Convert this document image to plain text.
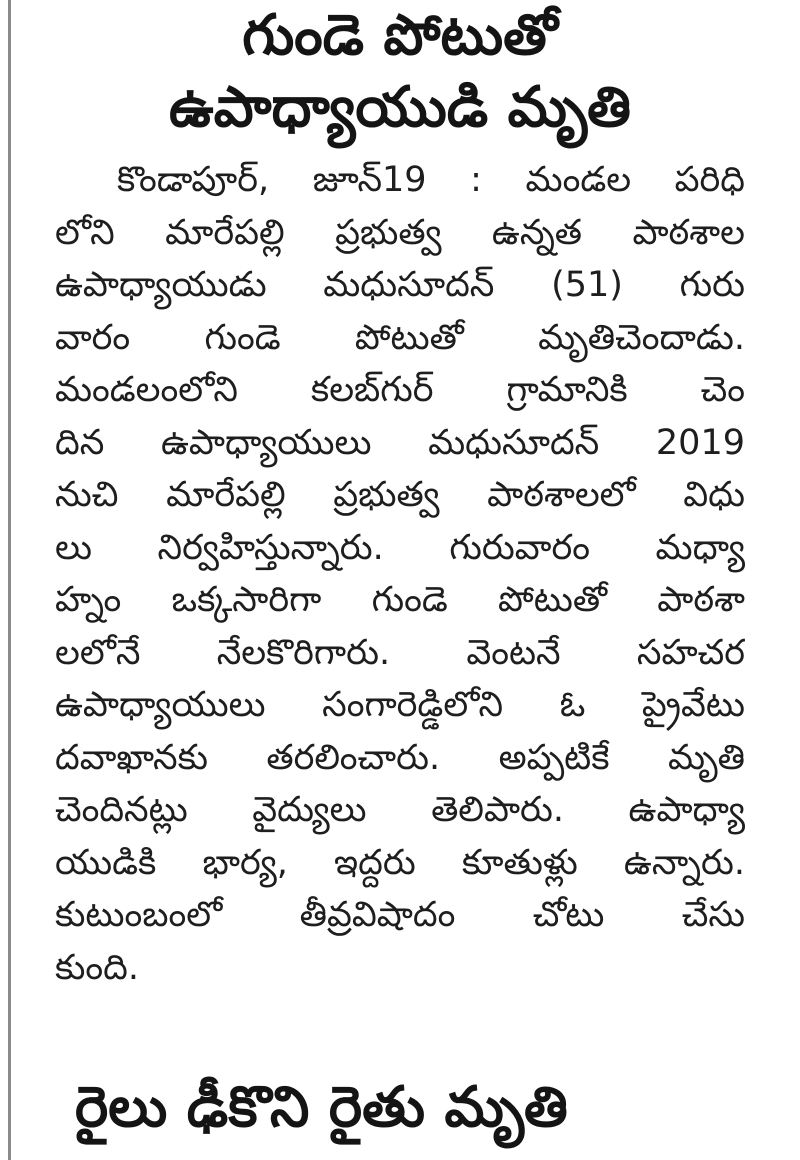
గుండె పోటుతో
ఉపాధ్యాయుడి మృతి
కొండాపూర్, జూన్19 : మండల పరిధి
లోని మారేపల్లి ప్రభుత్వ ఉన్నత పాఠశాల
ఉపాధ్యాయుడు మధుసూదన్ (51) గురు
వారం గుండె పోటుతో మృతిచెందాడు.
మండలంలోని కలబ్‌గుర్ గ్రామానికి చెం
దిన ఉపాధ్యాయులు మధుసూదన్ 2019
నుచి మారేపల్లి ప్రభుత్వ పాఠశాలలో విధు
లు నిర్వహిస్తున్నారు. గురువారం మధ్యా
హ్నం ఒక్కసారిగా గుండె పోటుతో పాఠశా
లలోనే నేలకొరిగారు. వెంటనే సహచర
ఉపాధ్యాయులు సంగారెడ్డిలోని ఓ ప్రైవేటు
దవాఖానకు తరలించారు. అప్పటికే మృతి
చెందినట్లు వైద్యులు తెలిపారు. ఉపాధ్యా
యుడికి భార్య, ఇద్దరు కూతుళ్లు ఉన్నారు.
కుటుంబంలో తీవ్రవిషాదం చోటు చేసు
కుంది.
రైలు ఢీకొని రైతు మృతి
